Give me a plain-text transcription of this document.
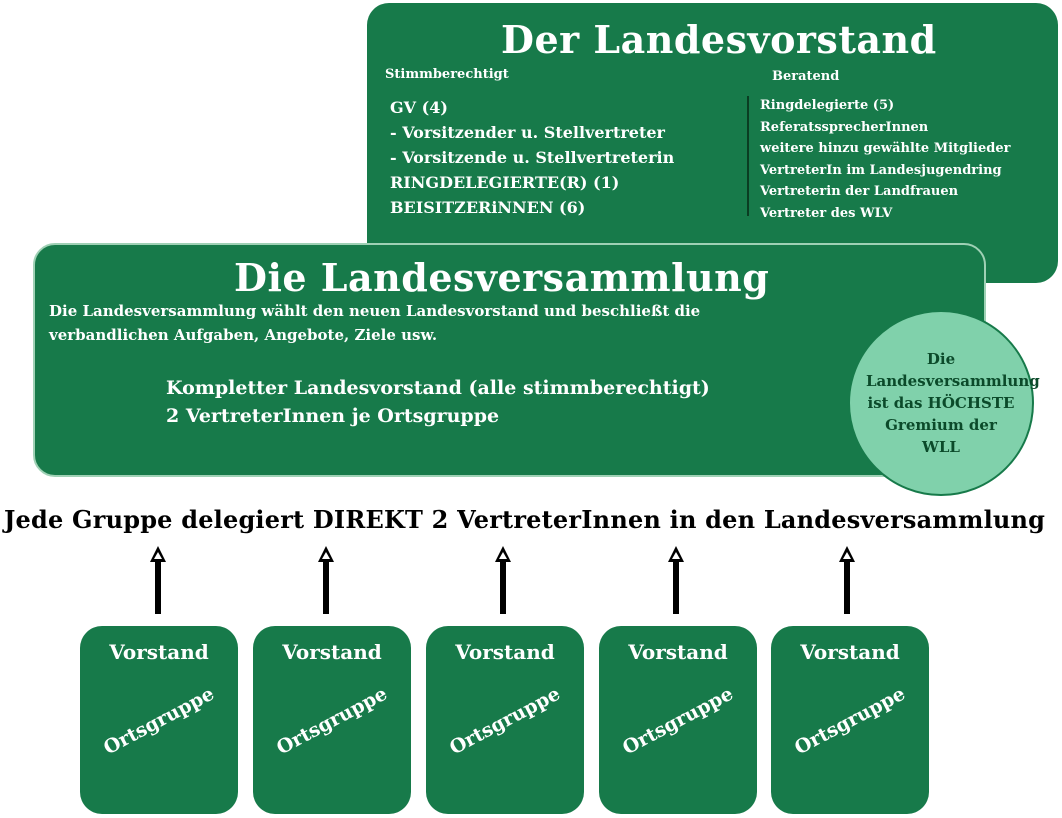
Der Landesvorstand
Stimmberechtigt	Beratend
GV (4)
- Vorsitzender u. Stellvertreter
- Vorsitzende u. Stellvertreterin
RINGDELEGIERTE(R) (1)
BEISITZERiNNEN (6)
Ringdelegierte (5)
ReferatssprecherInnen
weitere hinzu gewählte Mitglieder
VertreterIn im Landesjugendring
Vertreterin der Landfrauen
Vertreter des WLV
Die Landesversammlung
Die Landesversammlung wählt den neuen Landesvorstand und beschließt die
verbandlichen Aufgaben, Angebote, Ziele usw.
Kompletter Landesvorstand (alle stimmberechtigt)
2 VertreterInnen je Ortsgruppe
Die
Landesversammlung
ist das HÖCHSTE
Gremium der
WLL
Jede Gruppe delegiert DIREKT 2 VertreterInnen in den Landesversammlung
Vorstand
Ortsgruppe
Vorstand
Ortsgruppe
Vorstand
Ortsgruppe
Vorstand
Ortsgruppe
Vorstand
Ortsgruppe
